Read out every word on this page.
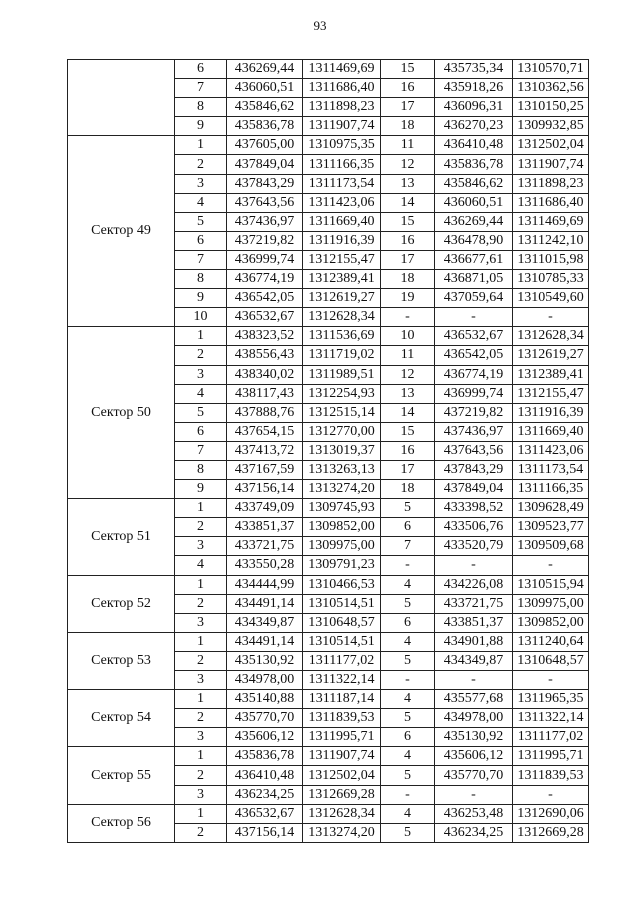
93
	6	436269,44	1311469,69	15	435735,34	1310570,71
	7	436060,51	1311686,40	16	435918,26	1310362,56
	8	435846,62	1311898,23	17	436096,31	1310150,25
	9	435836,78	1311907,74	18	436270,23	1309932,85
Сектор 49	1	437605,00	1310975,35	11	436410,48	1312502,04
	2	437849,04	1311166,35	12	435836,78	1311907,74
	3	437843,29	1311173,54	13	435846,62	1311898,23
	4	437643,56	1311423,06	14	436060,51	1311686,40
	5	437436,97	1311669,40	15	436269,44	1311469,69
	6	437219,82	1311916,39	16	436478,90	1311242,10
	7	436999,74	1312155,47	17	436677,61	1311015,98
	8	436774,19	1312389,41	18	436871,05	1310785,33
	9	436542,05	1312619,27	19	437059,64	1310549,60
	10	436532,67	1312628,34	-	-	-
Сектор 50	1	438323,52	1311536,69	10	436532,67	1312628,34
	2	438556,43	1311719,02	11	436542,05	1312619,27
	3	438340,02	1311989,51	12	436774,19	1312389,41
	4	438117,43	1312254,93	13	436999,74	1312155,47
	5	437888,76	1312515,14	14	437219,82	1311916,39
	6	437654,15	1312770,00	15	437436,97	1311669,40
	7	437413,72	1313019,37	16	437643,56	1311423,06
	8	437167,59	1313263,13	17	437843,29	1311173,54
	9	437156,14	1313274,20	18	437849,04	1311166,35
Сектор 51	1	433749,09	1309745,93	5	433398,52	1309628,49
	2	433851,37	1309852,00	6	433506,76	1309523,77
	3	433721,75	1309975,00	7	433520,79	1309509,68
	4	433550,28	1309791,23	-	-	-
Сектор 52	1	434444,99	1310466,53	4	434226,08	1310515,94
	2	434491,14	1310514,51	5	433721,75	1309975,00
	3	434349,87	1310648,57	6	433851,37	1309852,00
Сектор 53	1	434491,14	1310514,51	4	434901,88	1311240,64
	2	435130,92	1311177,02	5	434349,87	1310648,57
	3	434978,00	1311322,14	-	-	-
Сектор 54	1	435140,88	1311187,14	4	435577,68	1311965,35
	2	435770,70	1311839,53	5	434978,00	1311322,14
	3	435606,12	1311995,71	6	435130,92	1311177,02
Сектор 55	1	435836,78	1311907,74	4	435606,12	1311995,71
	2	436410,48	1312502,04	5	435770,70	1311839,53
	3	436234,25	1312669,28	-	-	-
Сектор 56	1	436532,67	1312628,34	4	436253,48	1312690,06
	2	437156,14	1313274,20	5	436234,25	1312669,28
